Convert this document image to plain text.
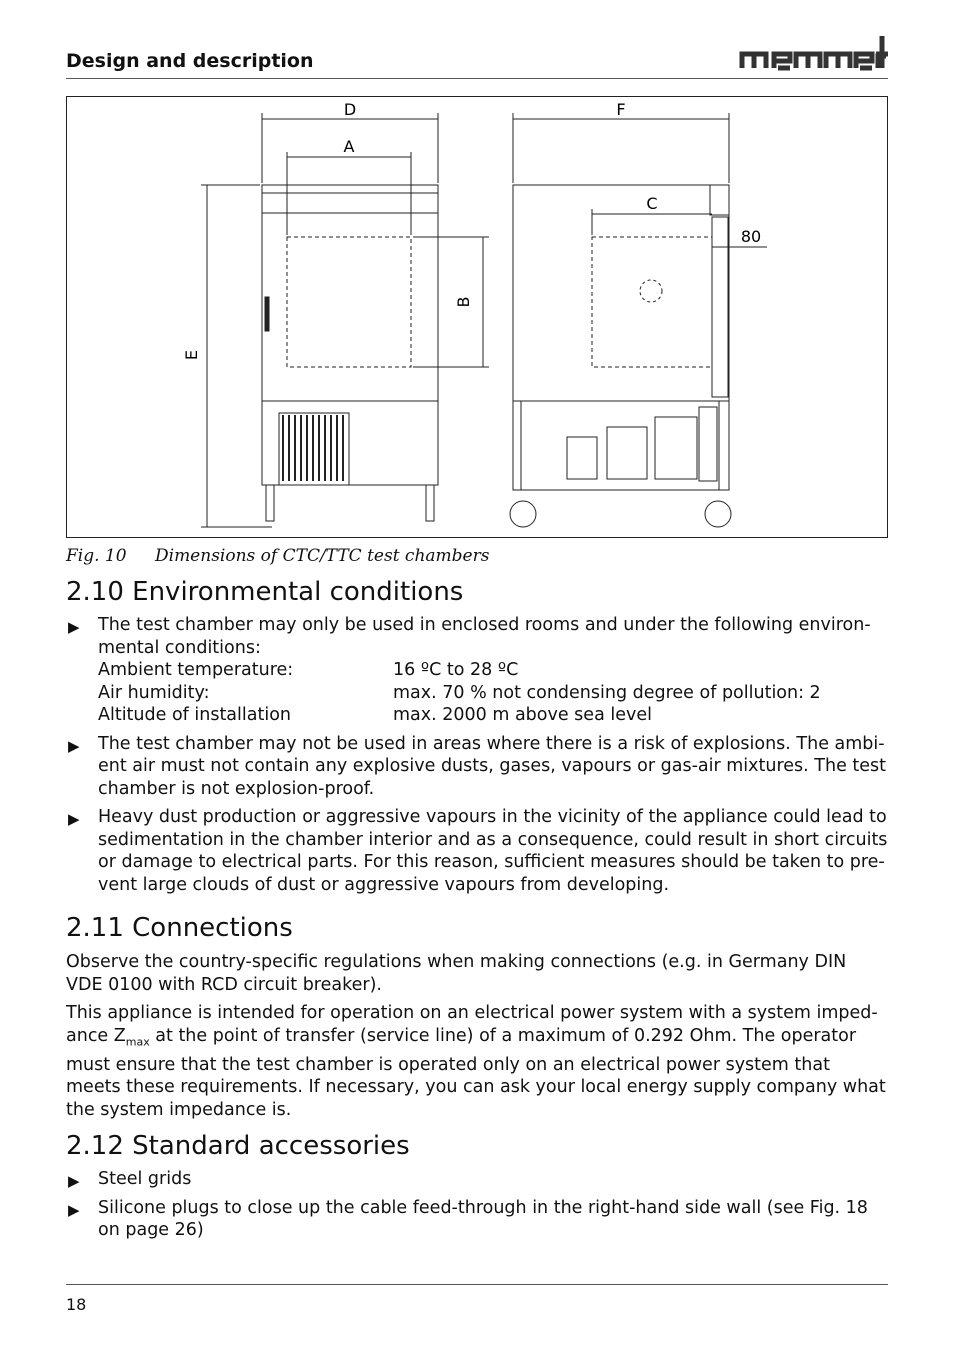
Design and description
D
A
B
E
F
C
80
Fig. 10 Dimensions of CTC/TTC test chambers
2.10 Environmental conditions
▶ The test chamber may only be used in enclosed rooms and under the following environ- mental conditions:

Ambient temperature:	16 ºC to 28 ºC
Air humidity:	max. 70 % not condensing degree of pollution: 2
Altitude of installation	max. 2000 m above sea level
▶ The test chamber may not be used in areas where there is a risk of explosions. The ambi- ent air must not contain any explosive dusts, gases, vapours or gas-air mixtures. The test chamber is not explosion-proof.

▶ Heavy dust production or aggressive vapours in the vicinity of the appliance could lead to sedimentation in the chamber interior and as a consequence, could result in short circuits or damage to electrical parts. For this reason, sufficient measures should be taken to pre- vent large clouds of dust or aggressive vapours from developing.

2.11 Connections

Observe the country-specific regulations when making connections (e.g. in Germany DIN VDE 0100 with RCD circuit breaker).

This appliance is intended for operation on an electrical power system with a system imped- ance $Z_{max}$ at the point of transfer (service line) of a maximum of 0.292 Ohm. The operator must ensure that the test chamber is operated only on an electrical power system that meets these requirements. If necessary, you can ask your local energy supply company what the system impedance is.

2.12 Standard accessories
▶ Steel grids

▶ Silicone plugs to close up the cable feed-through in the right-hand side wall (see Fig. 18 on page 26)

18
